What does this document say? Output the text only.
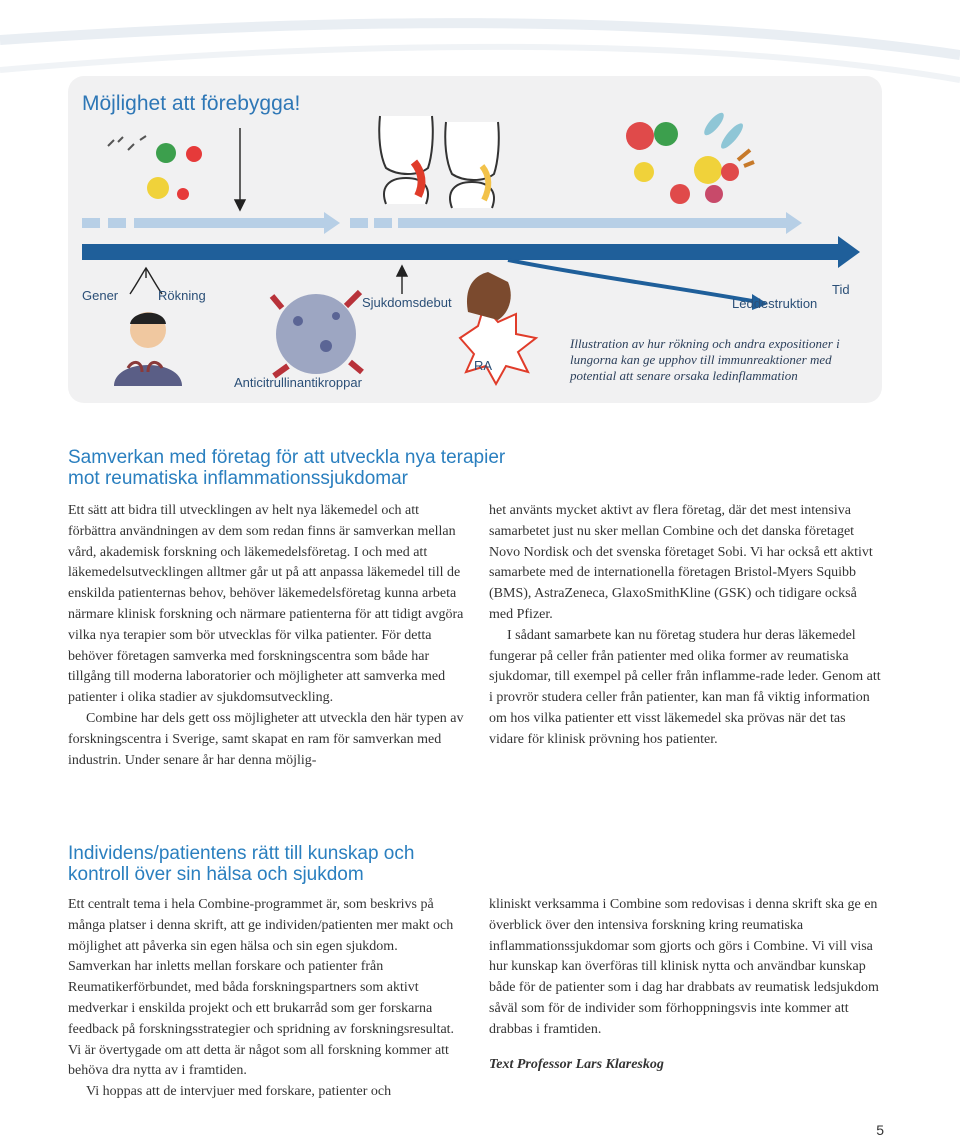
Möjlighet att förebygga!
Gener	Rökning	Sjukdomsdebut	Leddestruktion
Tid
Anticitrullinantikroppar
RA
Illustration av hur rökning och andra expositioner i lungorna kan ge upphov till immunreaktioner med potential att senare orsaka ledinflammation
Samverkan med företag för att utveckla nya terapier
mot reumatiska inflammationssjukdomar

Ett sätt att bidra till utvecklingen av helt nya läkemedel och att förbättra användningen av dem som redan finns är samverkan mellan vård, akademisk forskning och läkemedelsföretag. I och med att läkemedelsutvecklingen alltmer går ut på att anpassa läkemedel till de enskilda patienternas behov, behöver läkemedelsföretag kunna arbeta närmare klinisk forskning och närmare patienterna för att tidigt avgöra vilka nya terapier som bör utvecklas för vilka patienter. För detta behöver företagen samverka med forskningscentra som både har tillgång till moderna laboratorier och möjligheter att samverka med patienter i olika stadier av sjukdomsutveckling.

Combine har dels gett oss möjligheter att utveckla den här typen av forskningscentra i Sverige, samt skapat en ram för samverkan med industrin. Under senare år har denna möjlig-

het använts mycket aktivt av flera företag, där det mest intensiva samarbetet just nu sker mellan Combine och det danska företaget Novo Nordisk och det svenska företaget Sobi. Vi har också ett aktivt samarbete med de internationella företagen Bristol-Myers Squibb (BMS), AstraZeneca, GlaxoSmithKline (GSK) och tidigare också med Pfizer.

I sådant samarbete kan nu företag studera hur deras läkemedel fungerar på celler från patienter med olika former av reumatiska sjukdomar, till exempel på celler från inflamme-rade leder. Genom att i provrör studera celler från patienter, kan man få viktig information om hos vilka patienter ett visst läkemedel ska prövas när det tas vidare för klinisk prövning hos patienter.

Individens/patientens rätt till kunskap och
kontroll över sin hälsa och sjukdom

Ett centralt tema i hela Combine-programmet är, som beskrivs på många platser i denna skrift, att ge individen/patienten mer makt och möjlighet att påverka sin egen hälsa och sin egen sjukdom. Samverkan har inletts mellan forskare och patienter från Reumatikerförbundet, med båda forskningspartners som aktivt medverkar i enskilda projekt och ett brukarråd som ger forskarna feedback på forskningsstrategier och spridning av forskningsresultat. Vi är övertygade om att detta är något som all forskning kommer att behöva dra nytta av i framtiden.

Vi hoppas att de intervjuer med forskare, patienter och

kliniskt verksamma i Combine som redovisas i denna skrift ska ge en överblick över den intensiva forskning kring reumatiska inflammationssjukdomar som gjorts och görs i Combine. Vi vill visa hur kunskap kan överföras till klinisk nytta och användbar kunskap både för de patienter som i dag har drabbats av reumatisk ledsjukdom såväl som för de individer som förhoppningsvis inte kommer att drabbas i framtiden.

Text Professor Lars Klareskog

5
